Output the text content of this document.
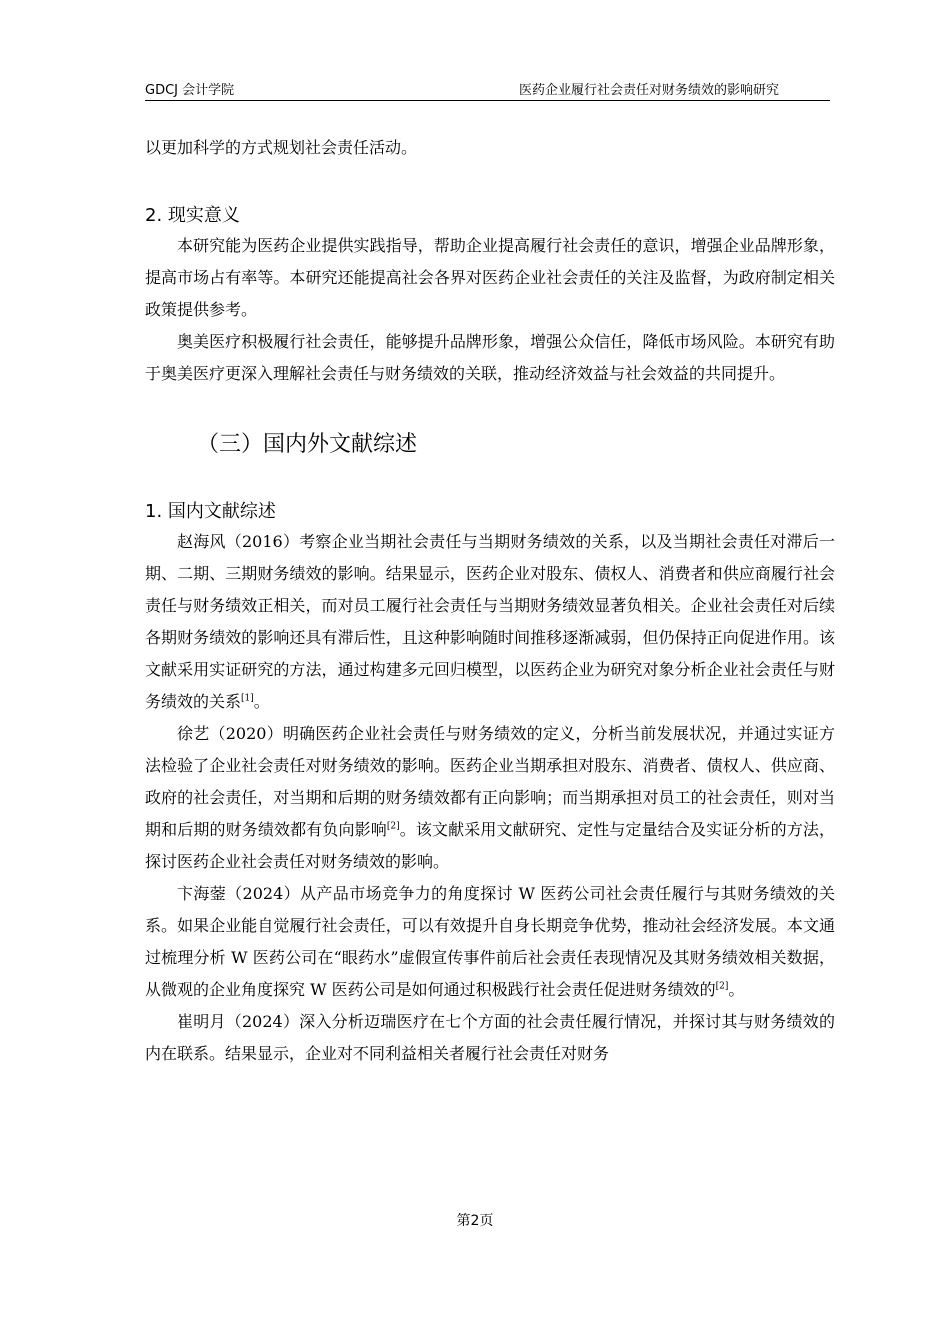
GDCJ 会计学院	医药企业履行社会责任对财务绩效的影响研究

以更加科学的方式规划社会责任活动。

2. 现实意义

本研究能为医药企业提供实践指导，帮助企业提高履行社会责任的意识，增强企业品牌形象，提高市场占有率等。本研究还能提高社会各界对医药企业社会责任的关注及监督，为政府制定相关政策提供参考。

奥美医疗积极履行社会责任，能够提升品牌形象，增强公众信任，降低市场风险。本研究有助于奥美医疗更深入理解社会责任与财务绩效的关联，推动经济效益与社会效益的共同提升。

（三）国内外文献综述

1. 国内文献综述

赵海风（2016）考察企业当期社会责任与当期财务绩效的关系，以及当期社会责任对滞后一期、二期、三期财务绩效的影响。结果显示，医药企业对股东、债权人、消费者和供应商履行社会责任与财务绩效正相关，而对员工履行社会责任与当期财务绩效显著负相关。企业社会责任对后续各期财务绩效的影响还具有滞后性，且这种影响随时间推移逐渐减弱，但仍保持正向促进作用。该文献采用实证研究的方法，通过构建多元回归模型，以医药企业为研究对象分析企业社会责任与财务绩效的关系[1]。

徐艺（2020）明确医药企业社会责任与财务绩效的定义，分析当前发展状况，并通过实证方法检验了企业社会责任对财务绩效的影响。医药企业当期承担对股东、消费者、债权人、供应商、政府的社会责任，对当期和后期的财务绩效都有正向影响；而当期承担对员工的社会责任，则对当期和后期的财务绩效都有负向影响[2]。该文献采用文献研究、定性与定量结合及实证分析的方法，探讨医药企业社会责任对财务绩效的影响。

卞海蓥（2024）从产品市场竞争力的角度探讨 W 医药公司社会责任履行与其财务绩效的关系。如果企业能自觉履行社会责任，可以有效提升自身长期竞争优势，推动社会经济发展。本文通过梳理分析 W 医药公司在“眼药水”虚假宣传事件前后社会责任表现情况及其财务绩效相关数据，从微观的企业角度探究 W 医药公司是如何通过积极践行社会责任促进财务绩效的[2]。

崔明月（2024）深入分析迈瑞医疗在七个方面的社会责任履行情况，并探讨其与财务绩效的内在联系。结果显示，企业对不同利益相关者履行社会责任对财务

第2页
